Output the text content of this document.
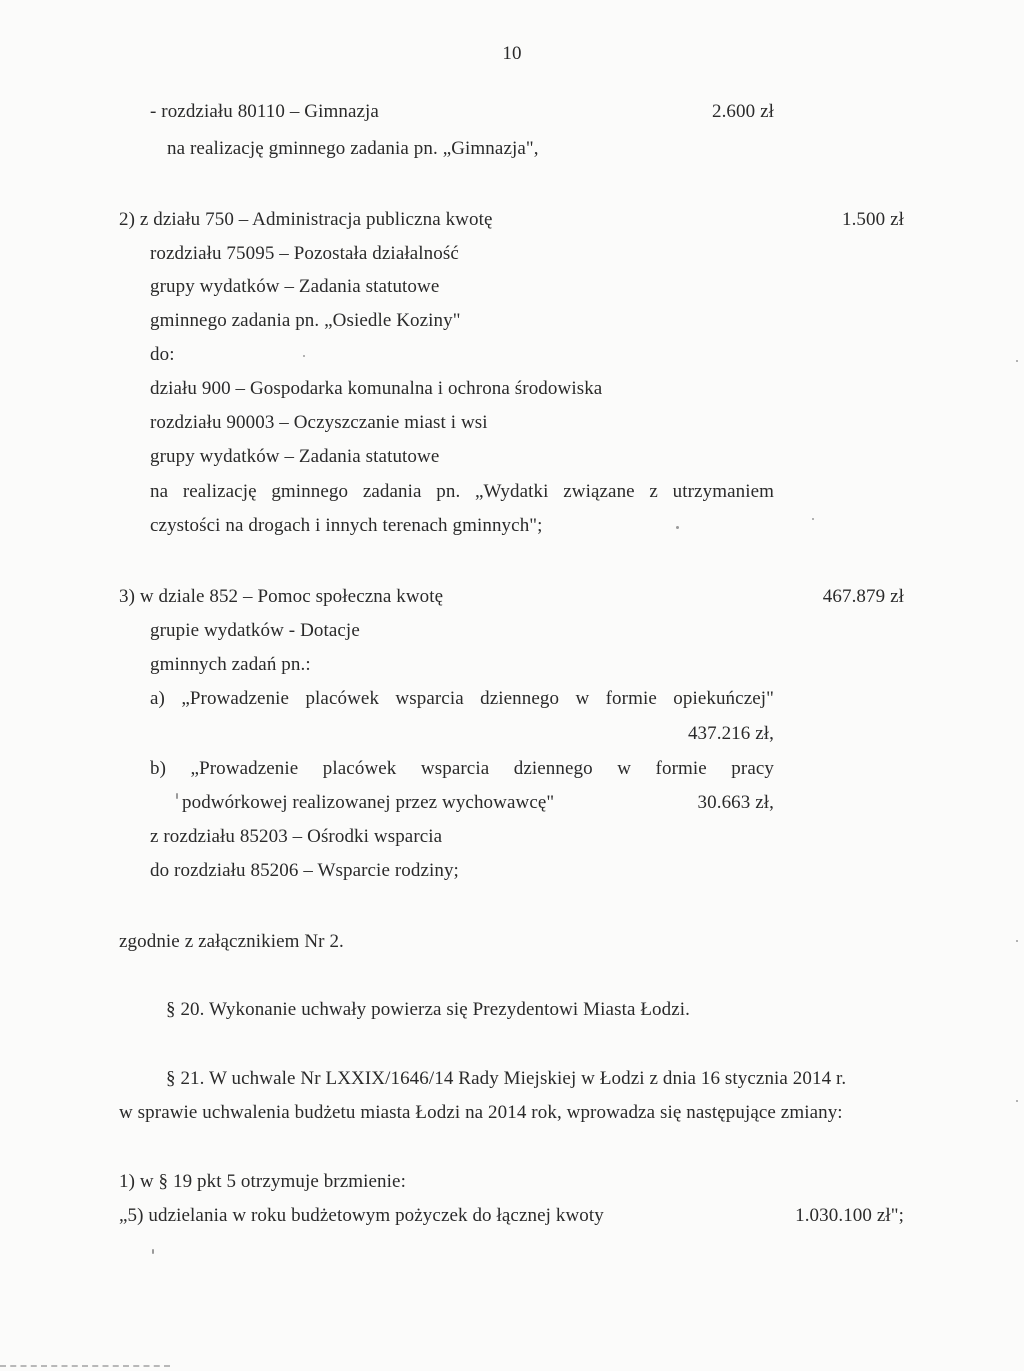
10
- rozdziału 80110 – Gimnazja	2.600 zł
na realizację gminnego zadania pn. „Gimnazja",
2) z działu 750 – Administracja publiczna kwotę	1.500 zł
rozdziału 75095 – Pozostała działalność
grupy wydatków – Zadania statutowe
gminnego zadania pn. „Osiedle Koziny"
do:
działu 900 – Gospodarka komunalna i ochrona środowiska
rozdziału 90003 – Oczyszczanie miast i wsi
grupy wydatków – Zadania statutowe
na realizację gminnego zadania pn. „Wydatki związane z utrzymaniem
czystości na drogach i innych terenach gminnych";
3) w dziale 852 – Pomoc społeczna kwotę	467.879 zł
grupie wydatków - Dotacje
gminnych zadań pn.:
a) „Prowadzenie placówek wsparcia dziennego w formie opiekuńczej"
437.216 zł,
b) „Prowadzenie placówek wsparcia dziennego w formie pracy
podwórkowej realizowanej przez wychowawcę"	30.663 zł,
z rozdziału 85203 – Ośrodki wsparcia
do rozdziału 85206 – Wsparcie rodziny;
zgodnie z załącznikiem Nr 2.
§ 20. Wykonanie uchwały powierza się Prezydentowi Miasta Łodzi.
§ 21. W uchwale Nr LXXIX/1646/14 Rady Miejskiej w Łodzi z dnia 16 stycznia 2014 r.
w sprawie uchwalenia budżetu miasta Łodzi na 2014 rok, wprowadza się następujące zmiany:
1) w § 19 pkt 5 otrzymuje brzmienie:
„5) udzielania w roku budżetowym pożyczek do łącznej kwoty	1.030.100 zł";
